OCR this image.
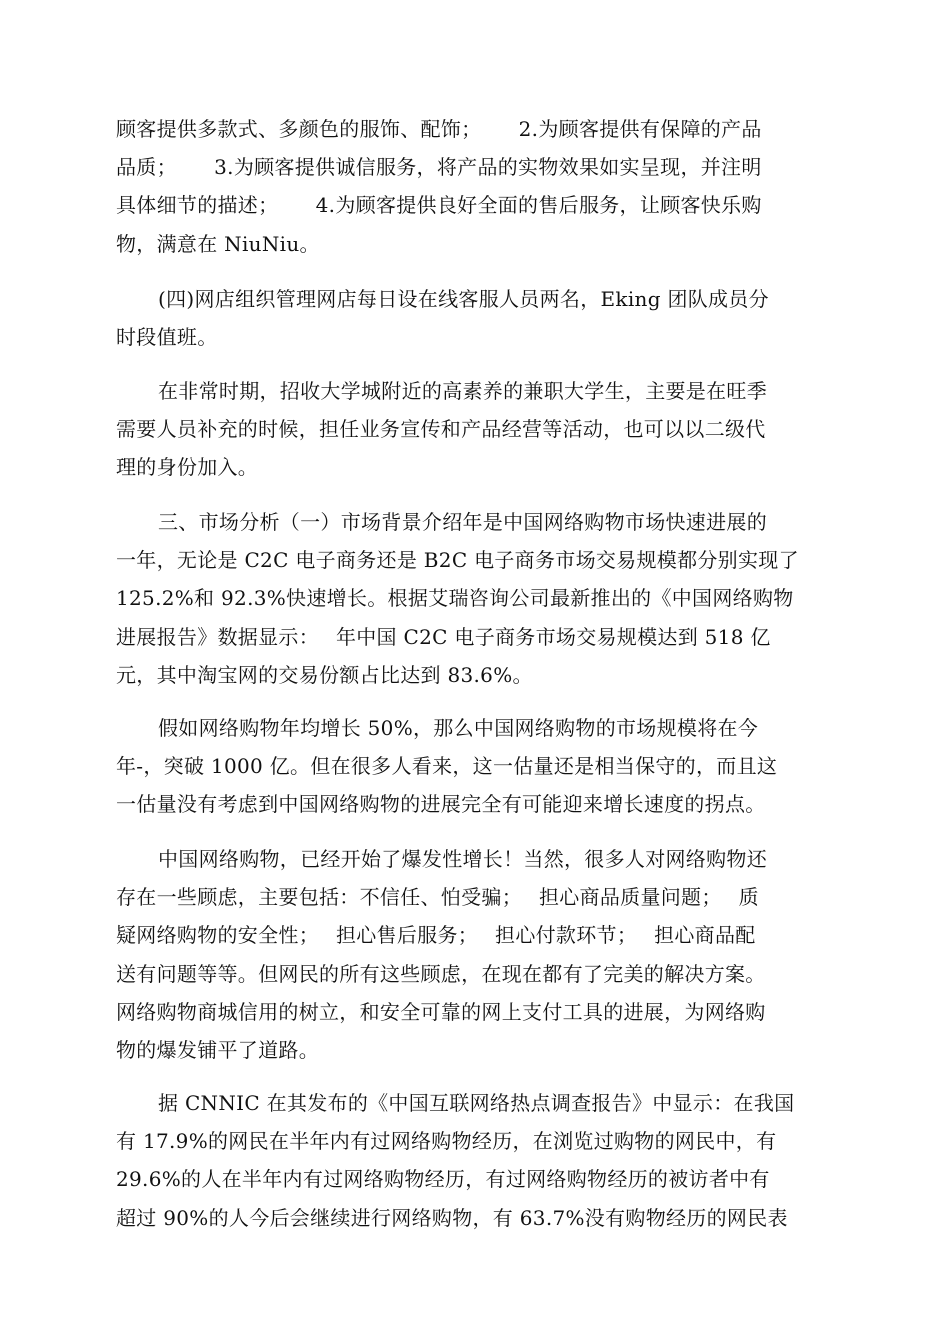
顾客提供多款式、多颜色的服饰、配饰；　　 2.为顾客提供有保障的产品
品质；　　 3.为顾客提供诚信服务，将产品的实物效果如实呈现，并注明
具体细节的描述；　　 4.为顾客提供良好全面的售后服务，让顾客快乐购
物，满意在 NiuNiu。
(四)网店组织管理网店每日设在线客服人员两名，Eking 团队成员分
时段值班。
在非常时期，招收大学城附近的高素养的兼职大学生，主要是在旺季
需要人员补充的时候，担任业务宣传和产品经营等活动，也可以以二级代
理的身份加入。
三、市场分析（一）市场背景介绍年是中国网络购物市场快速进展的
一年，无论是 C2C 电子商务还是 B2C 电子商务市场交易规模都分别实现了
125.2%和 92.3%快速增长。根据艾瑞咨询公司最新推出的《中国网络购物
进展报告》数据显示：　 年中国 C2C 电子商务市场交易规模达到 518 亿
元，其中淘宝网的交易份额占比达到 83.6%。
假如网络购物年均增长 50%，那么中国网络购物的市场规模将在今
年-，突破 1000 亿。但在很多人看来，这一估量还是相当保守的，而且这
一估量没有考虑到中国网络购物的进展完全有可能迎来增长速度的拐点。
中国网络购物，已经开始了爆发性增长！当然，很多人对网络购物还
存在一些顾虑，主要包括：不信任、怕受骗；　 担心商品质量问题；　 质
疑网络购物的安全性；　 担心售后服务；　 担心付款环节；　 担心商品配
送有问题等等。但网民的所有这些顾虑，在现在都有了完美的解决方案。
网络购物商城信用的树立，和安全可靠的网上支付工具的进展，为网络购
物的爆发铺平了道路。
据 CNNIC 在其发布的《中国互联网络热点调查报告》中显示：在我国
有 17.9%的网民在半年内有过网络购物经历，在浏览过购物的网民中，有
29.6%的人在半年内有过网络购物经历，有过网络购物经历的被访者中有
超过 90%的人今后会继续进行网络购物，有 63.7%没有购物经历的网民表
